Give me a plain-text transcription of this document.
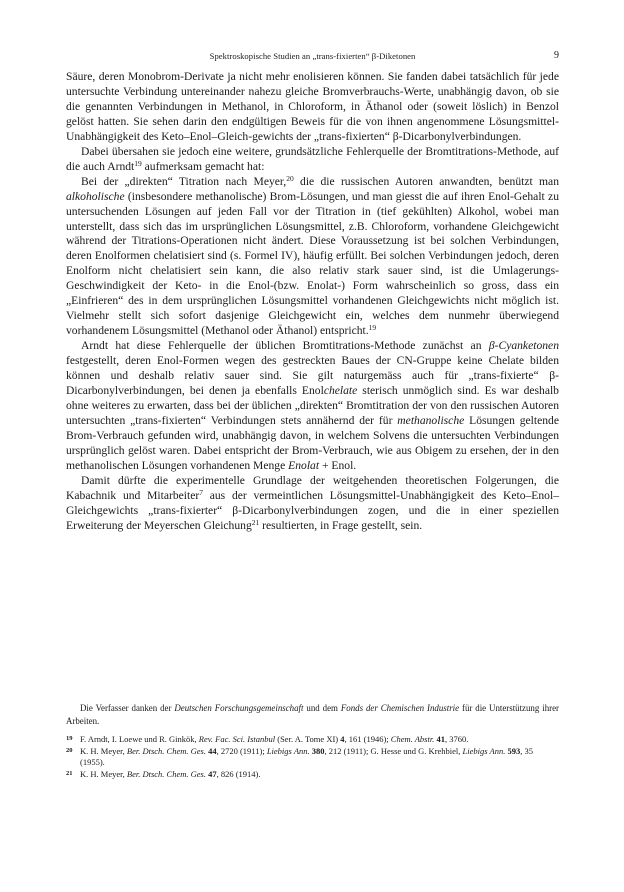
Spektroskopische Studien an „trans-fixierten“ β-Diketonen	9

Säure, deren Monobrom-Derivate ja nicht mehr enolisieren können. Sie fanden dabei tatsächlich für jede untersuchte Verbindung untereinander nahezu gleiche Bromverbrauchs-Werte, unabhängig davon, ob sie die genannten Verbindungen in Methanol, in Chloroform, in Äthanol oder (soweit löslich) in Benzol gelöst hatten. Sie sehen darin den endgültigen Beweis für die von ihnen angenommene Lösungsmittel-Unabhängigkeit des Keto–Enol–Gleich-gewichts der „trans-fixierten“ β-Dicarbonylverbindungen.

Dabei übersahen sie jedoch eine weitere, grundsätzliche Fehlerquelle der Bromtitrations-Methode, auf die auch Arndt$^{19}$ aufmerksam gemacht hat:

Bei der „direkten“ Titration nach Meyer,$^{20}$ die die russischen Autoren anwandten, benützt man alkoholische (insbesondere methanolische) Brom-Lösungen, und man giesst die auf ihren Enol-Gehalt zu untersuchenden Lösungen auf jeden Fall vor der Titration in (tief gekühlten) Alkohol, wobei man unterstellt, dass sich das im ursprünglichen Lösungsmittel, z.B. Chloroform, vorhandene Gleichgewicht während der Titrations-Operationen nicht ändert. Diese Voraussetzung ist bei solchen Verbindungen, deren Enolformen chelatisiert sind (s. Formel IV), häufig erfüllt. Bei solchen Verbindungen jedoch, deren Enolform nicht chelatisiert sein kann, die also relativ stark sauer sind, ist die Umlagerungs-Geschwindigkeit der Keto- in die Enol-(bzw. Enolat-) Form wahrscheinlich so gross, dass ein „Einfrieren“ des in dem ursprünglichen Lösungsmittel vorhandenen Gleichgewichts nicht möglich ist. Vielmehr stellt sich sofort dasjenige Gleichgewicht ein, welches dem nunmehr überwiegend vorhandenem Lösungsmittel (Methanol oder Äthanol) entspricht.$^{19}$

Arndt hat diese Fehlerquelle der üblichen Bromtitrations-Methode zunächst an β-Cyanketonen festgestellt, deren Enol-Formen wegen des gestreckten Baues der CN-Gruppe keine Chelate bilden können und deshalb relativ sauer sind. Sie gilt naturgemäss auch für „trans-fixierte“ β-Dicarbonylverbindungen, bei denen ja ebenfalls Enolchelate sterisch unmöglich sind. Es war deshalb ohne weiteres zu erwarten, dass bei der üblichen „direkten“ Bromtitration der von den russischen Autoren untersuchten „trans-fixierten“ Verbindungen stets annähernd der für methanolische Lösungen geltende Brom-Verbrauch gefunden wird, unabhängig davon, in welchem Solvens die untersuchten Verbindungen ursprünglich gelöst waren. Dabei entspricht der Brom-Verbrauch, wie aus Obigem zu ersehen, der in den methanolischen Lösungen vorhandenen Menge Enolat + Enol.

Damit dürfte die experimentelle Grundlage der weitgehenden theoretischen Folgerungen, die Kabachnik und Mitarbeiter$^7$ aus der vermeintlichen Lösungsmittel-Unabhängigkeit des Keto–Enol–Gleichgewichts „trans-fixierter“ β-Dicarbonylverbindungen zogen, und die in einer speziellen Erweiterung der Meyerschen Gleichung$^{21}$ resultierten, in Frage gestellt, sein.

Die Verfasser danken der Deutschen Forschungsgemeinschaft und dem Fonds der Chemischen Industrie für die Unterstützung ihrer Arbeiten.
19 F. Arndt, I. Loewe und R. Ginkök, Rev. Fac. Sci. Istanbul (Ser. A. Tome XI) 4, 161 (1946); Chem. Abstr. 41, 3760.
20 K. H. Meyer, Ber. Dtsch. Chem. Ges. 44, 2720 (1911); Liebigs Ann. 380, 212 (1911); G. Hesse und G. Krehbiel, Liebigs Ann. 593, 35 (1955).
21 K. H. Meyer, Ber. Dtsch. Chem. Ges. 47, 826 (1914).
